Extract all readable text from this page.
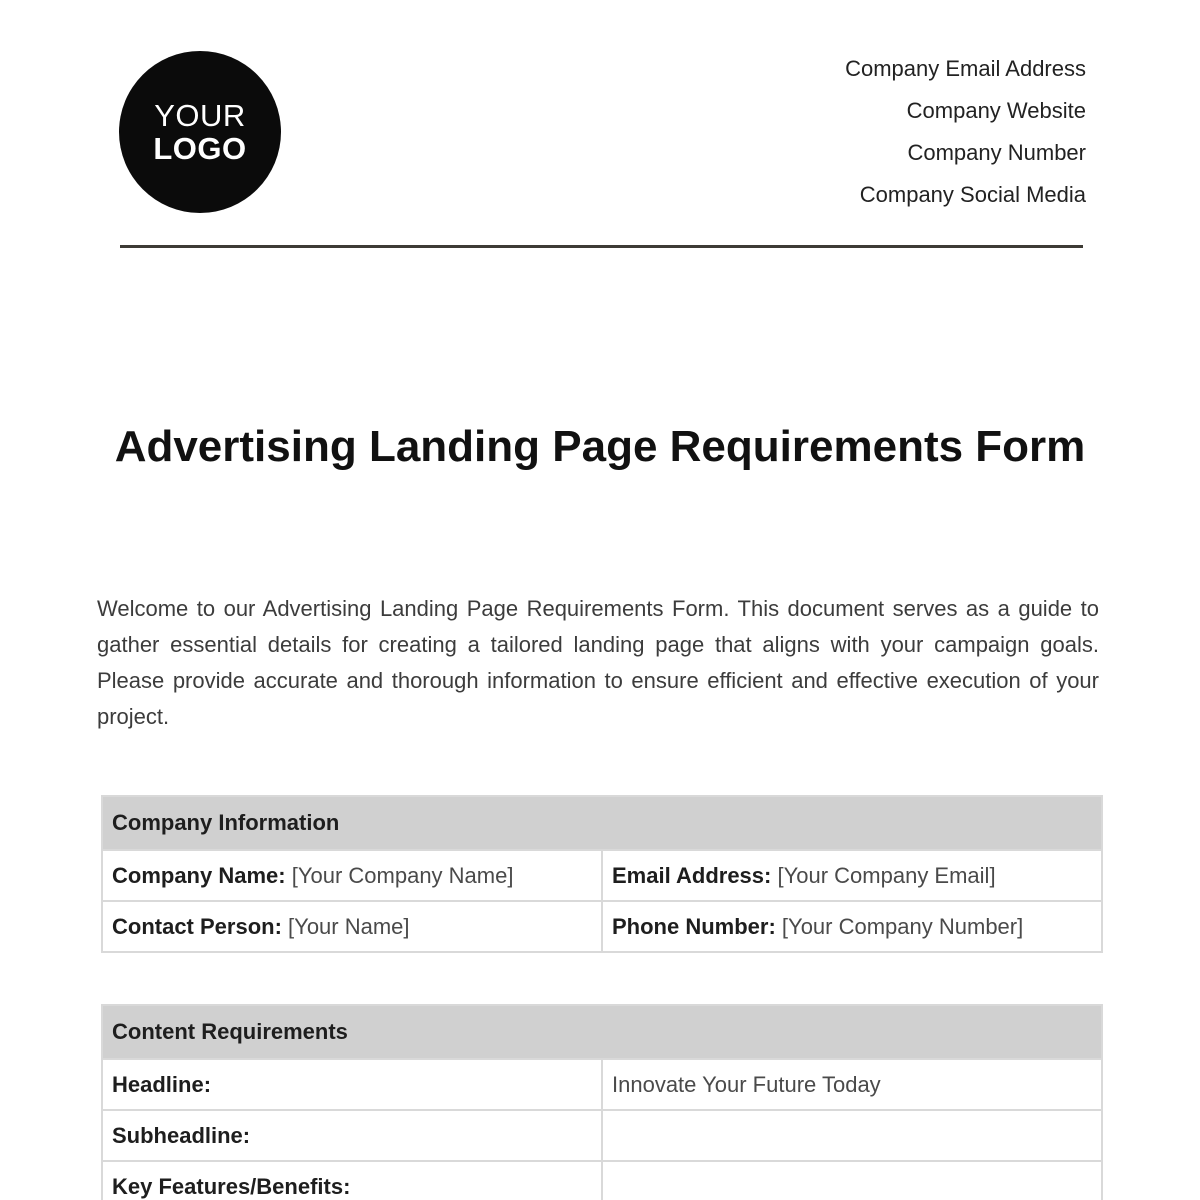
YOUR
LOGO
Company Email Address
Company Website
Company Number
Company Social Media
Advertising Landing Page Requirements Form

Welcome to our Advertising Landing Page Requirements Form. This document serves as a guide to gather essential details for creating a tailored landing page that aligns with your campaign goals. Please provide accurate and thorough information to ensure efficient and effective execution of your project.

Company Information	
Company Name: [Your Company Name]	Email Address: [Your Company Email]
Contact Person: [Your Name]	Phone Number: [Your Company Number]
Content Requirements	
Headline:	Innovate Your Future Today
Subheadline:	
Key Features/Benefits:	
